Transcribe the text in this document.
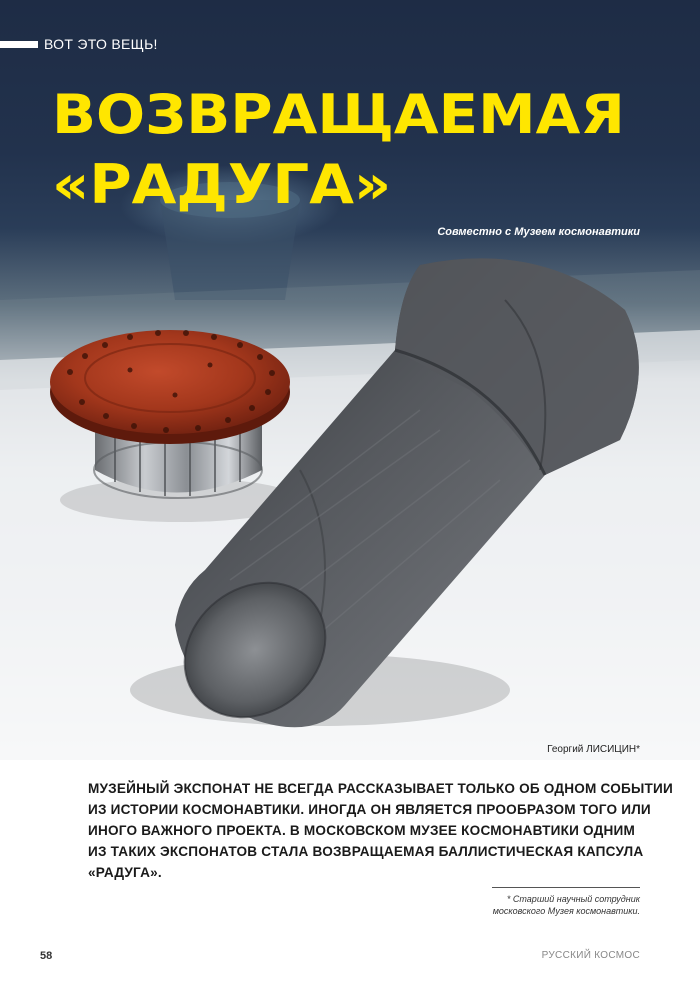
ВОТ ЭТО ВЕЩЬ!
ВОЗВРАЩАЕМАЯ
«РАДУГА»
Совместно с Музеем космонавтики
Георгий ЛИСИЦИН*

МУЗЕЙНЫЙ ЭКСПОНАТ НЕ ВСЕГДА РАССКАЗЫВАЕТ ТОЛЬКО ОБ ОДНОМ СОБЫТИИ
ИЗ ИСТОРИИ КОСМОНАВТИКИ. ИНОГДА ОН ЯВЛЯЕТСЯ ПРООБРАЗОМ ТОГО ИЛИ
ИНОГО ВАЖНОГО ПРОЕКТА. В МОСКОВСКОМ МУЗЕЕ КОСМОНАВТИКИ ОДНИМ
ИЗ ТАКИХ ЭКСПОНАТОВ СТАЛА ВОЗВРАЩАЕМАЯ БАЛЛИСТИЧЕСКАЯ КАПСУЛА
«РАДУГА».

* Старший научный сотрудник
московского Музея космонавтики.
58	РУССКИЙ КОСМОС
